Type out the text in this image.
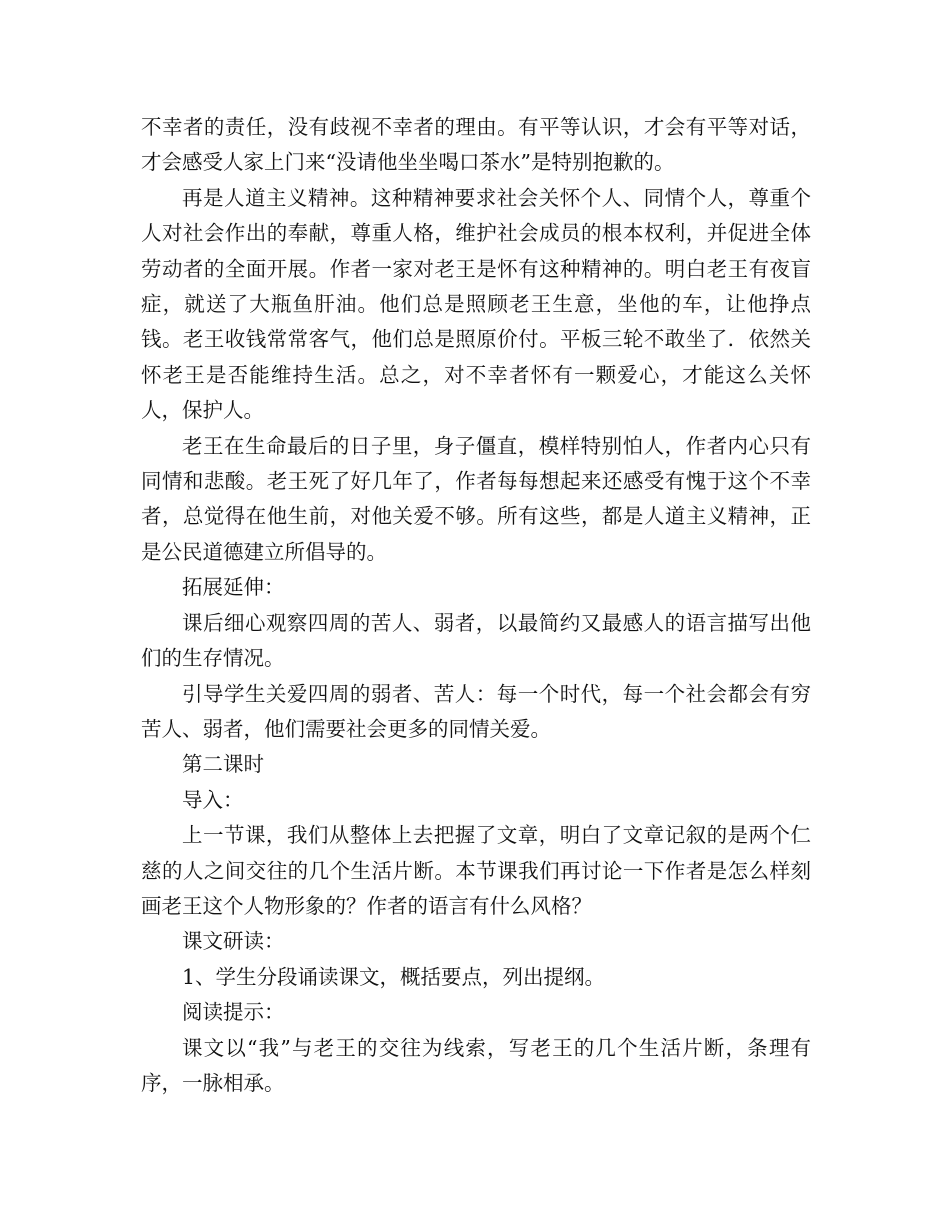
不幸者的责任，没有歧视不幸者的理由。有平等认识，才会有平等对话，才会感受人家上门来“没请他坐坐喝口茶水”是特别抱歉的。

再是人道主义精神。这种精神要求社会关怀个人、同情个人，尊重个人对社会作出的奉献，尊重人格，维护社会成员的根本权利，并促进全体劳动者的全面开展。作者一家对老王是怀有这种精神的。明白老王有夜盲症，就送了大瓶鱼肝油。他们总是照顾老王生意，坐他的车，让他挣点钱。老王收钱常常客气，他们总是照原价付。平板三轮不敢坐了．依然关怀老王是否能维持生活。总之，对不幸者怀有一颗爱心，才能这么关怀人，保护人。

老王在生命最后的日子里，身子僵直，模样特别怕人，作者内心只有同情和悲酸。老王死了好几年了，作者每每想起来还感受有愧于这个不幸者，总觉得在他生前，对他关爱不够。所有这些，都是人道主义精神，正是公民道德建立所倡导的。

拓展延伸：

课后细心观察四周的苦人、弱者，以最简约又最感人的语言描写出他们的生存情况。

引导学生关爱四周的弱者、苦人：每一个时代，每一个社会都会有穷苦人、弱者，他们需要社会更多的同情关爱。

第二课时

导入：

上一节课，我们从整体上去把握了文章，明白了文章记叙的是两个仁慈的人之间交往的几个生活片断。本节课我们再讨论一下作者是怎么样刻画老王这个人物形象的？作者的语言有什么风格？

课文研读：

1、学生分段诵读课文，概括要点，列出提纲。

阅读提示：

课文以“我”与老王的交往为线索，写老王的几个生活片断，条理有序，一脉相承。
